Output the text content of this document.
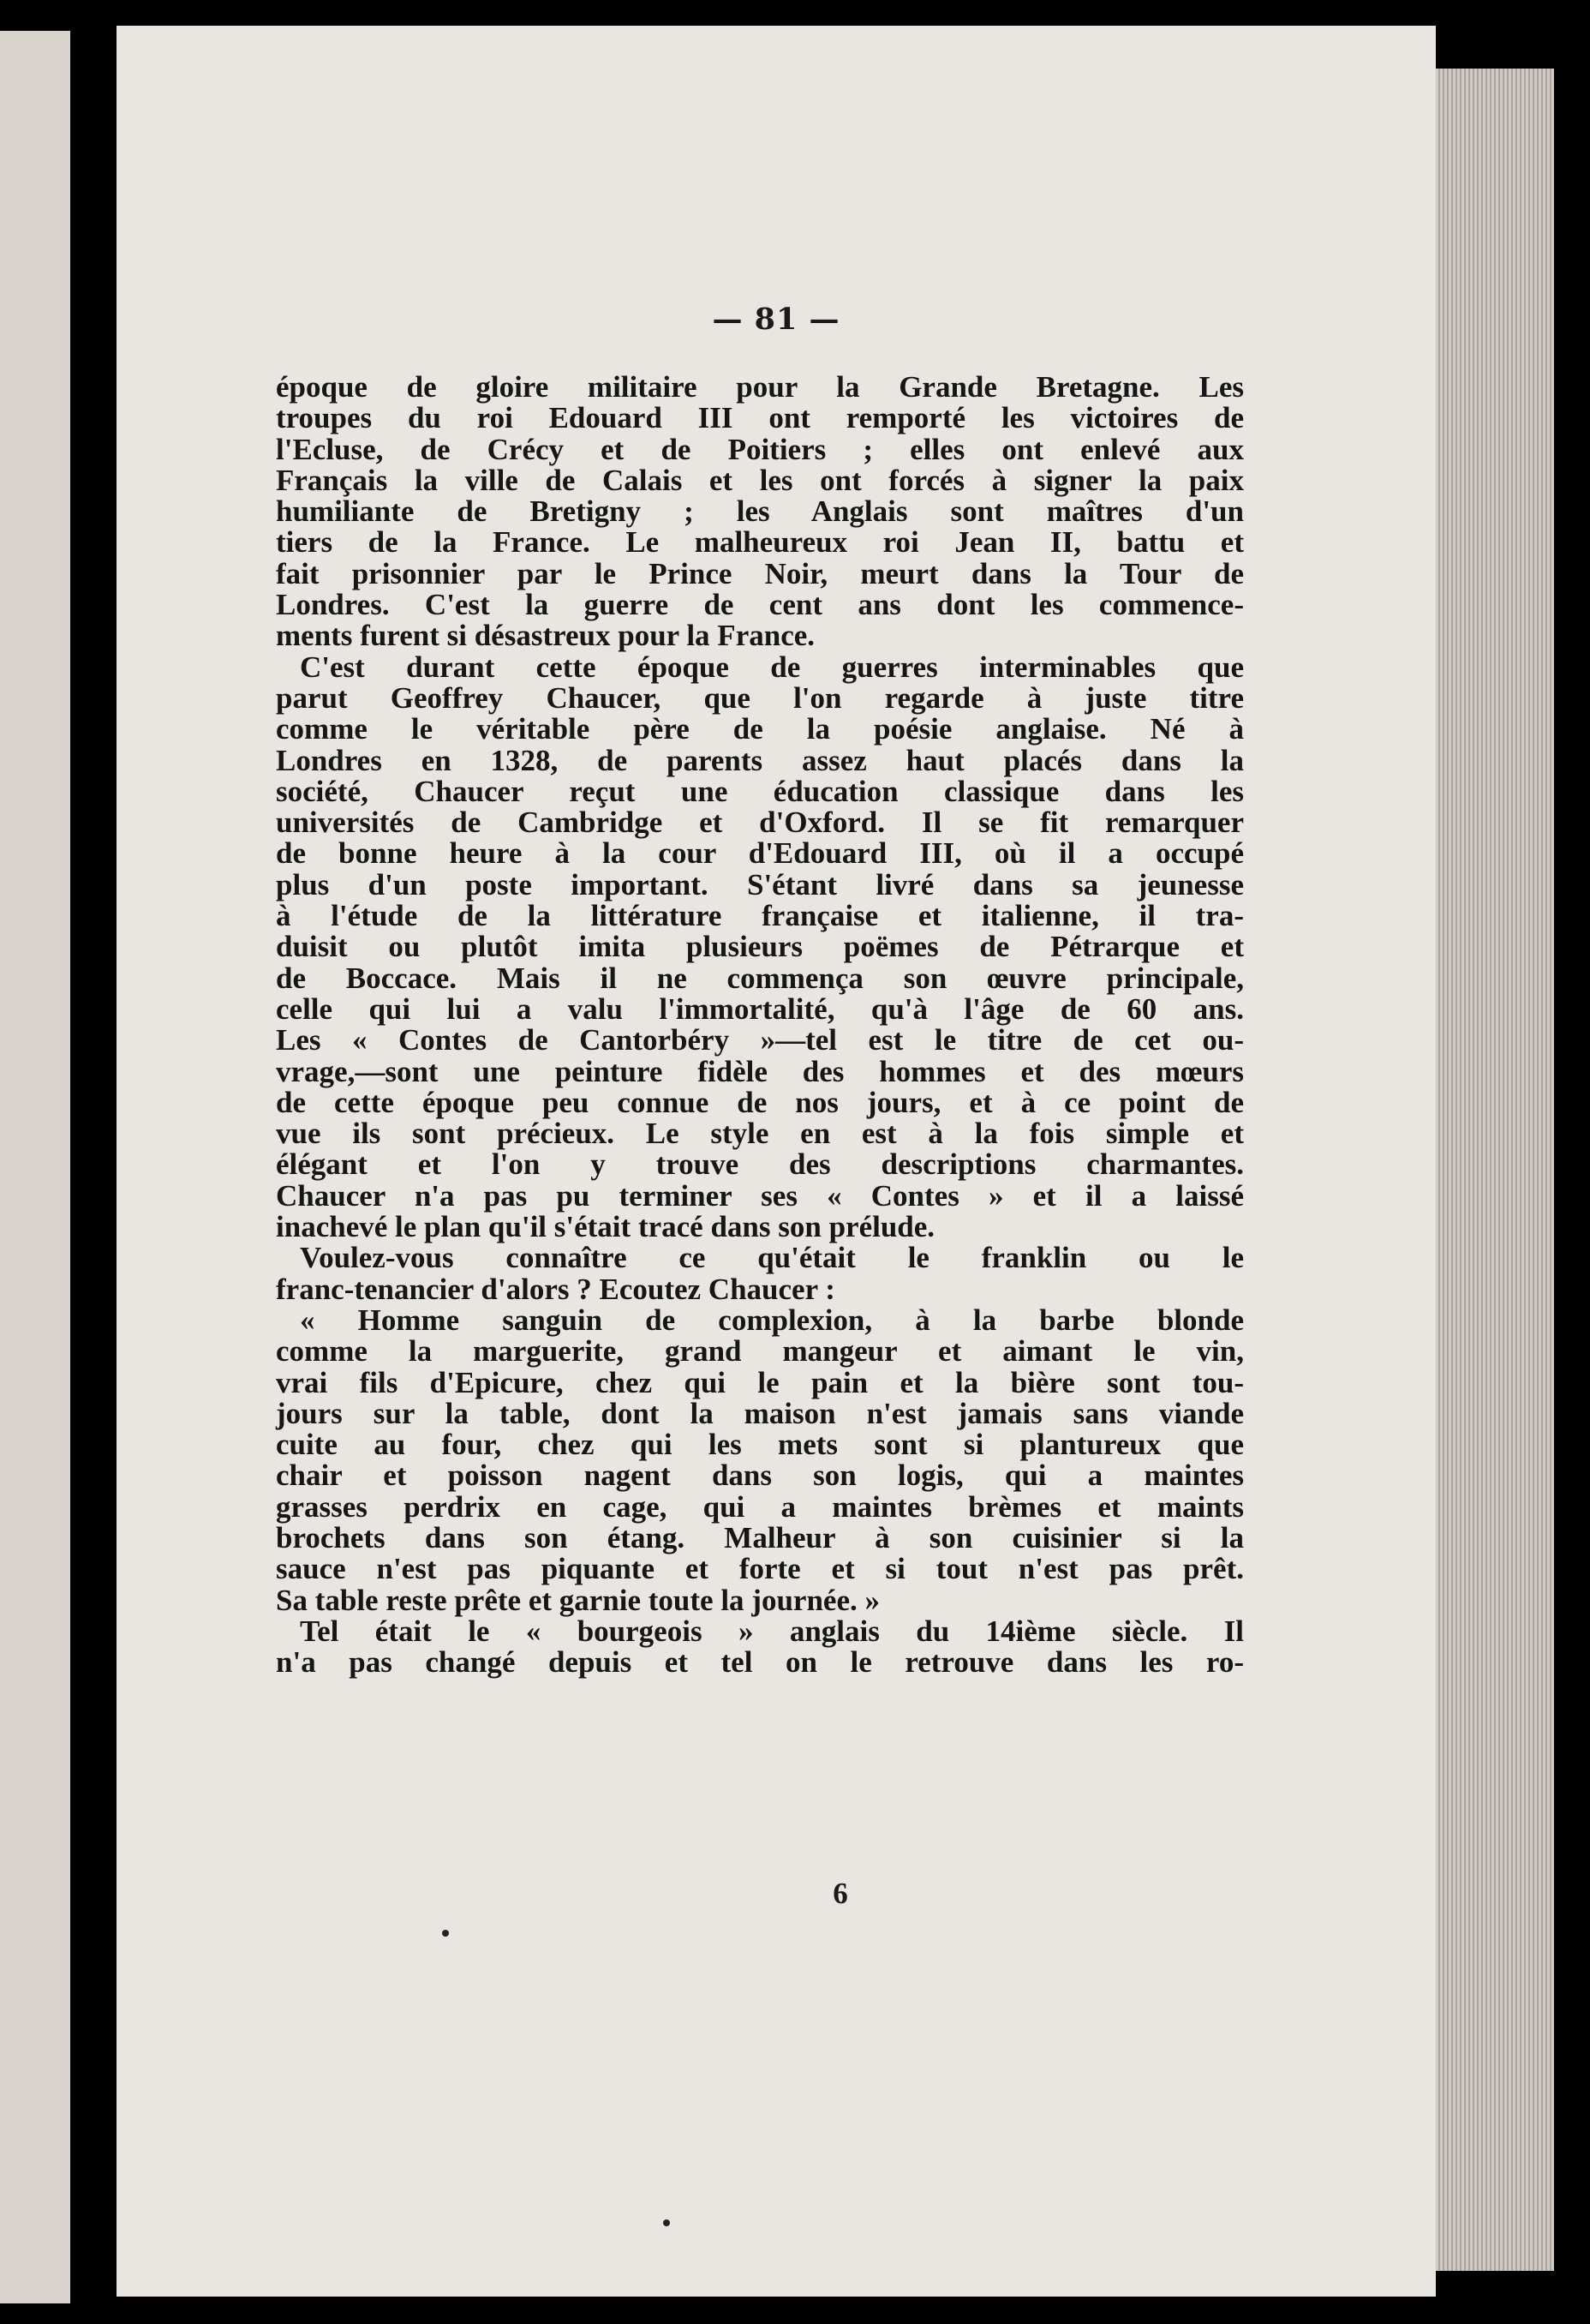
— 81 —
époque de gloire militaire pour la Grande Bretagne. Les
troupes du roi Edouard III ont remporté les victoires de
l'Ecluse, de Crécy et de Poitiers ; elles ont enlevé aux
Français la ville de Calais et les ont forcés à signer la paix
humiliante de Bretigny ; les Anglais sont maîtres d'un
tiers de la France. Le malheureux roi Jean II, battu et
fait prisonnier par le Prince Noir, meurt dans la Tour de
Londres. C'est la guerre de cent ans dont les commence-
ments furent si désastreux pour la France.
C'est durant cette époque de guerres interminables que
parut Geoffrey Chaucer, que l'on regarde à juste titre
comme le véritable père de la poésie anglaise. Né à
Londres en 1328, de parents assez haut placés dans la
société, Chaucer reçut une éducation classique dans les
universités de Cambridge et d'Oxford. Il se fit remarquer
de bonne heure à la cour d'Edouard III, où il a occupé
plus d'un poste important. S'étant livré dans sa jeunesse
à l'étude de la littérature française et italienne, il tra-
duisit ou plutôt imita plusieurs poëmes de Pétrarque et
de Boccace. Mais il ne commença son œuvre principale,
celle qui lui a valu l'immortalité, qu'à l'âge de 60 ans.
Les « Contes de Cantorbéry »—tel est le titre de cet ou-
vrage,—sont une peinture fidèle des hommes et des mœurs
de cette époque peu connue de nos jours, et à ce point de
vue ils sont précieux. Le style en est à la fois simple et
élégant et l'on y trouve des descriptions charmantes.
Chaucer n'a pas pu terminer ses « Contes » et il a laissé
inachevé le plan qu'il s'était tracé dans son prélude.
Voulez-vous connaître ce qu'était le franklin ou le
franc-tenancier d'alors ? Ecoutez Chaucer :
« Homme sanguin de complexion, à la barbe blonde
comme la marguerite, grand mangeur et aimant le vin,
vrai fils d'Epicure, chez qui le pain et la bière sont tou-
jours sur la table, dont la maison n'est jamais sans viande
cuite au four, chez qui les mets sont si plantureux que
chair et poisson nagent dans son logis, qui a maintes
grasses perdrix en cage, qui a maintes brèmes et maints
brochets dans son étang. Malheur à son cuisinier si la
sauce n'est pas piquante et forte et si tout n'est pas prêt.
Sa table reste prête et garnie toute la journée. »
Tel était le « bourgeois » anglais du 14ième siècle. Il
n'a pas changé depuis et tel on le retrouve dans les ro-
6
